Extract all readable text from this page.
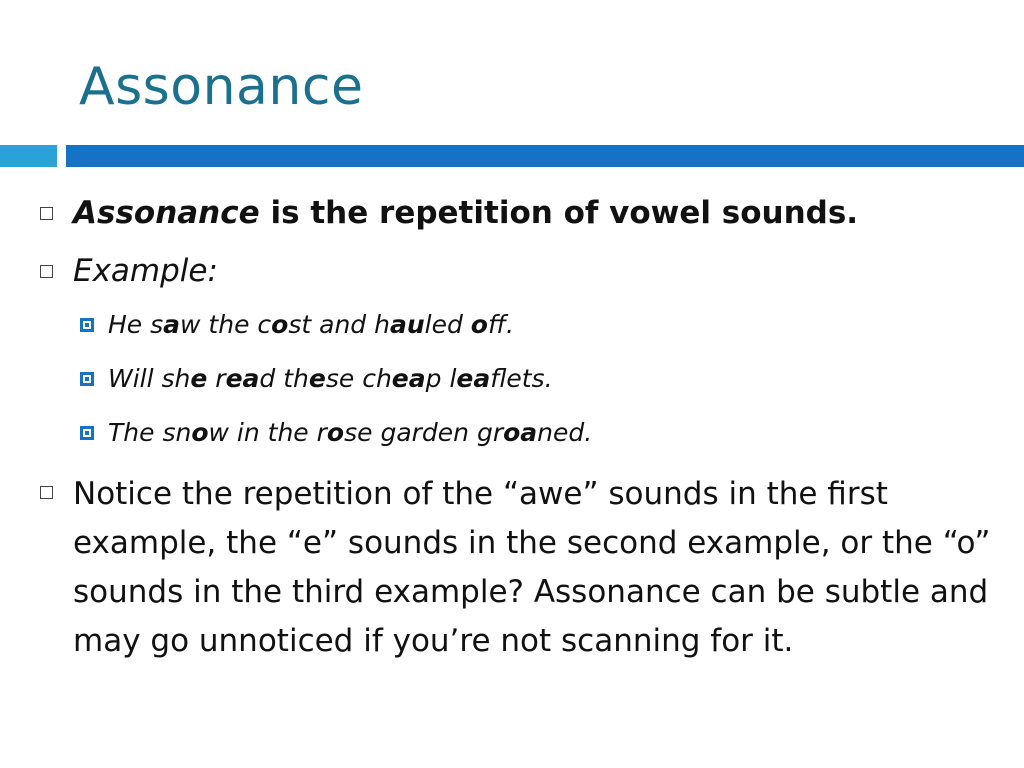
Assonance
Assonance is the repetition of vowel sounds.
Example:
He saw the cost and hauled off.
Will she read these cheap leaflets.
The snow in the rose garden groaned.
Notice the repetition of the “awe” sounds in the first example, the “e” sounds in the second example, or the “o” sounds in the third example? Assonance can be subtle and may go unnoticed if you’re not scanning for it.
